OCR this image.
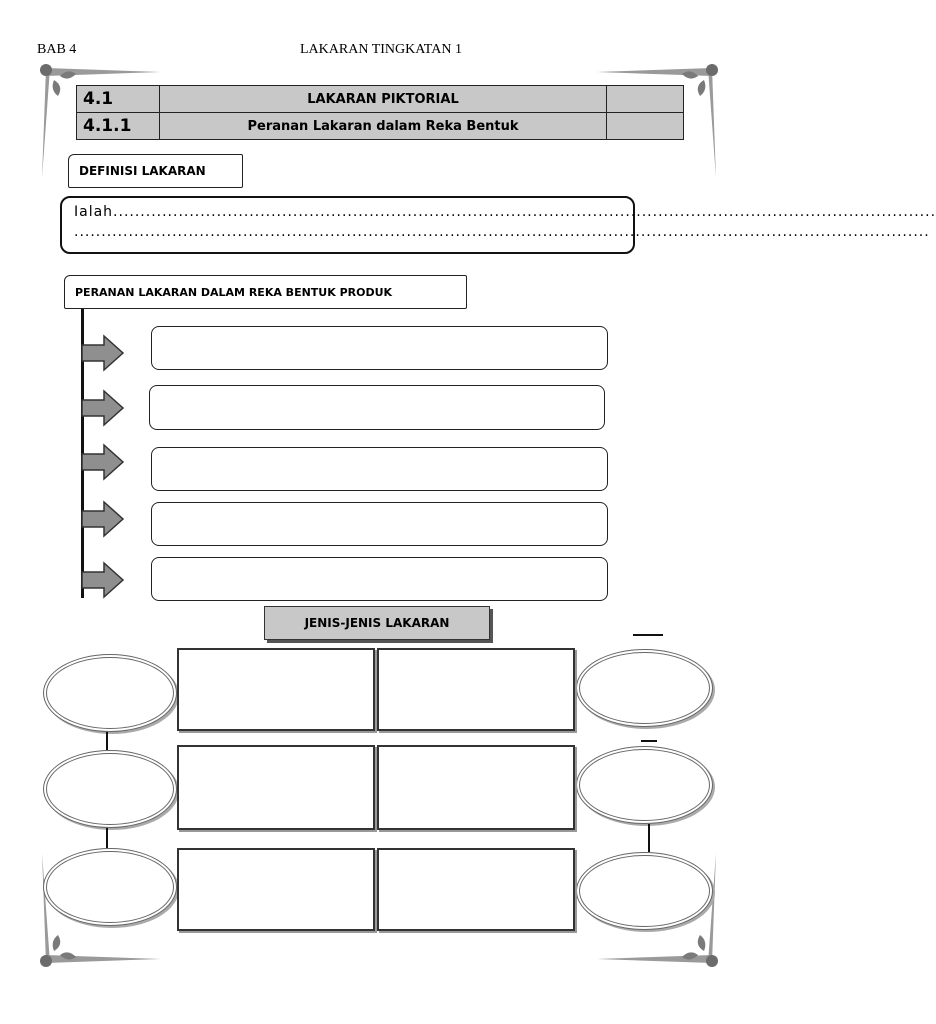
BAB 4	LAKARAN TINGKATAN 1
4.1	LAKARAN PIKTORIAL	
4.1.1	Peranan Lakaran dalam Reka Bentuk	
DEFINISI LAKARAN
Ialah.......................................................................................................................................................
.............................................................................................................................................................
PERANAN LAKARAN DALAM REKA BENTUK PRODUK
JENIS-JENIS LAKARAN
